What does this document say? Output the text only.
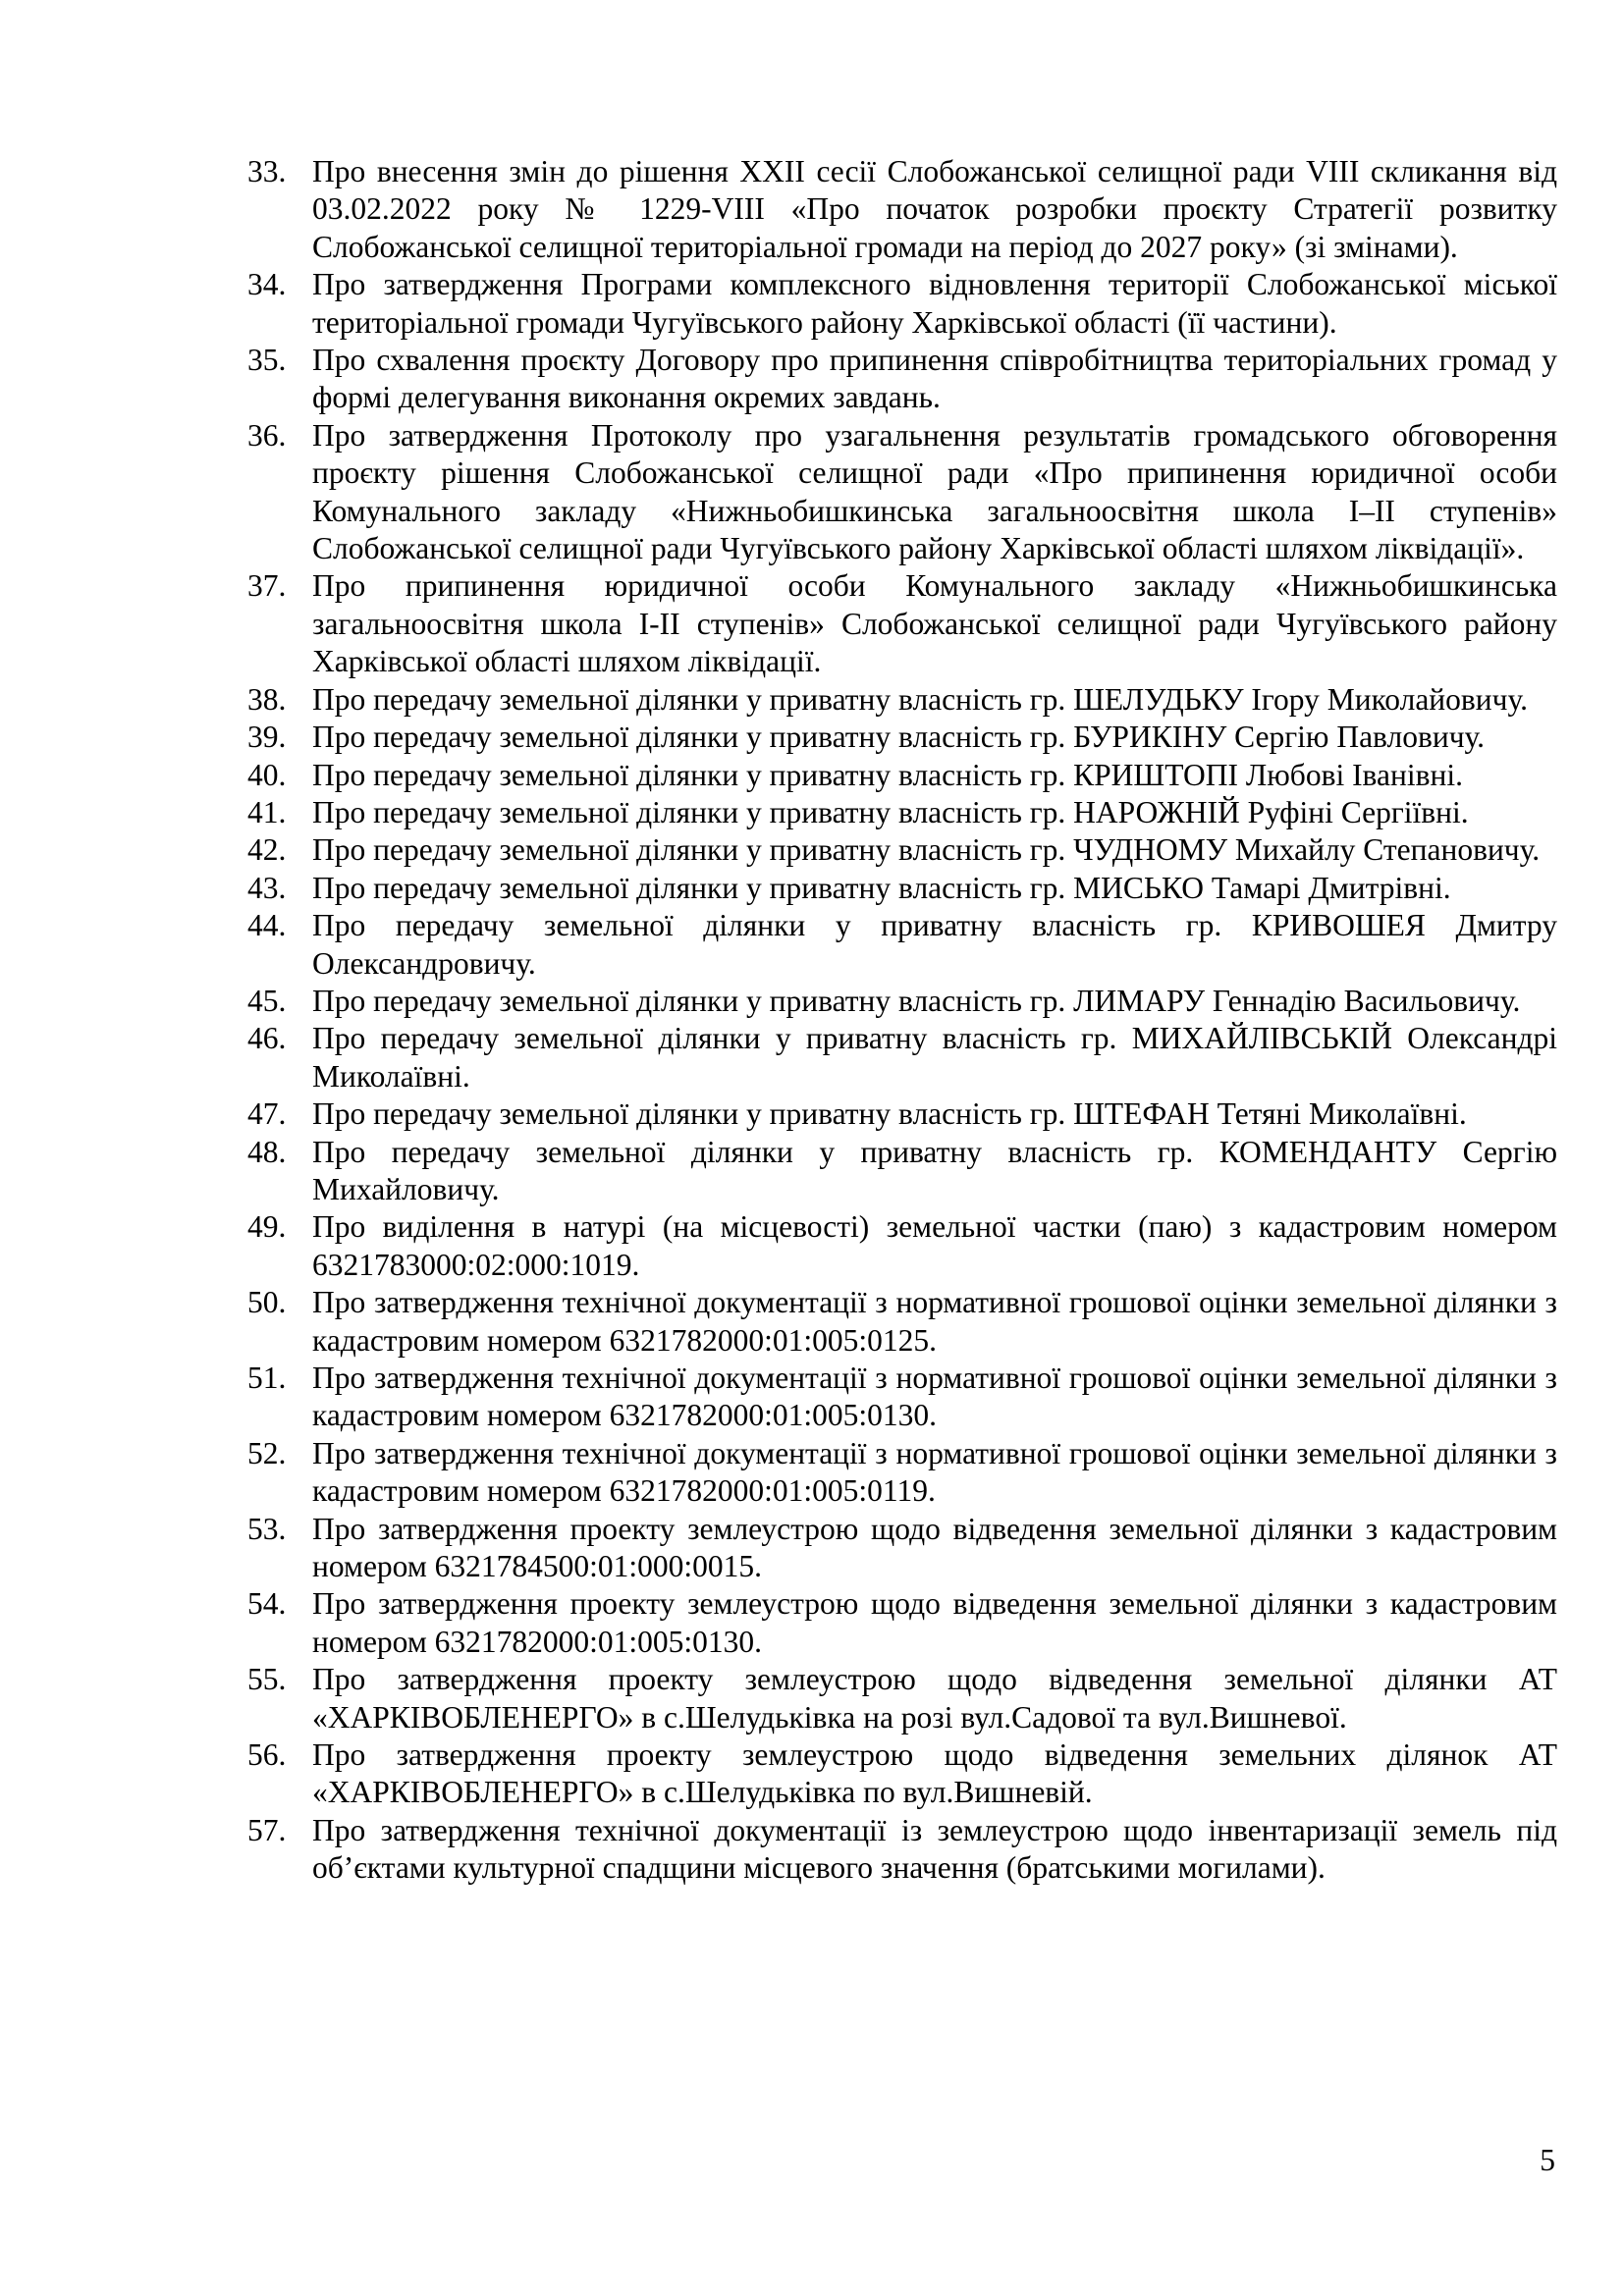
33. Про внесення змін до рішення XXII сесії Слобожанської селищної ради VIII скликання від 03.02.2022 року № 1229-VIII «Про початок розробки проєкту Стратегії розвитку Слобожанської селищної територіальної громади на період до 2027 року» (зі змінами).
34. Про затвердження Програми комплексного відновлення території Слобожанської міської територіальної громади Чугуївського району Харківської області (її частини).
35. Про схвалення проєкту Договору про припинення співробітництва територіальних громад у формі делегування виконання окремих завдань.
36. Про затвердження Протоколу про узагальнення результатів громадського обговорення проєкту рішення Слобожанської селищної ради «Про припинення юридичної особи Комунального закладу «Нижньобишкинська загальноосвітня школа І–ІІ ступенів» Слобожанської селищної ради Чугуївського району Харківської області шляхом ліквідації».
37. Про припинення юридичної особи Комунального закладу «Нижньобишкинська загальноосвітня школа І-ІІ ступенів» Слобожанської селищної ради Чугуївського району Харківської області шляхом ліквідації.
38. Про передачу земельної ділянки у приватну власність гр. ШЕЛУДЬКУ Ігору Миколайовичу.
39. Про передачу земельної ділянки у приватну власність гр. БУРИКІНУ Сергію Павловичу.
40. Про передачу земельної ділянки у приватну власність гр. КРИШТОПІ Любові Іванівні.
41. Про передачу земельної ділянки у приватну власність гр. НАРОЖНІЙ Руфіні Сергіївні.
42. Про передачу земельної ділянки у приватну власність гр. ЧУДНОМУ Михайлу Степановичу.
43. Про передачу земельної ділянки у приватну власність гр. МИСЬКО Тамарі Дмитрівні.
44. Про передачу земельної ділянки у приватну власність гр. КРИВОШЕЯ Дмитру Олександровичу.
45. Про передачу земельної ділянки у приватну власність гр. ЛИМАРУ Геннадію Васильовичу.
46. Про передачу земельної ділянки у приватну власність гр. МИХАЙЛІВСЬКІЙ Олександрі Миколаївні.
47. Про передачу земельної ділянки у приватну власність гр. ШТЕФАН Тетяні Миколаївні.
48. Про передачу земельної ділянки у приватну власність гр. КОМЕНДАНТУ Сергію Михайловичу.
49. Про виділення в натурі (на місцевості) земельної частки (паю) з кадастровим номером 6321783000:02:000:1019.
50. Про затвердження технічної документації з нормативної грошової оцінки земельної ділянки з кадастровим номером 6321782000:01:005:0125.
51. Про затвердження технічної документації з нормативної грошової оцінки земельної ділянки з кадастровим номером 6321782000:01:005:0130.
52. Про затвердження технічної документації з нормативної грошової оцінки земельної ділянки з кадастровим номером 6321782000:01:005:0119.
53. Про затвердження проекту землеустрою щодо відведення земельної ділянки з кадастровим номером 6321784500:01:000:0015.
54. Про затвердження проекту землеустрою щодо відведення земельної ділянки з кадастровим номером 6321782000:01:005:0130.
55. Про затвердження проекту землеустрою щодо відведення земельної ділянки АТ «ХАРКІВОБЛЕНЕРГО» в с.Шелудьківка на розі вул.Садової та вул.Вишневої.
56. Про затвердження проекту землеустрою щодо відведення земельних ділянок АТ «ХАРКІВОБЛЕНЕРГО» в с.Шелудьківка по вул.Вишневій.
57. Про затвердження технічної документації із землеустрою щодо інвентаризації земель під об’єктами культурної спадщини місцевого значення (братськими могилами).
5
